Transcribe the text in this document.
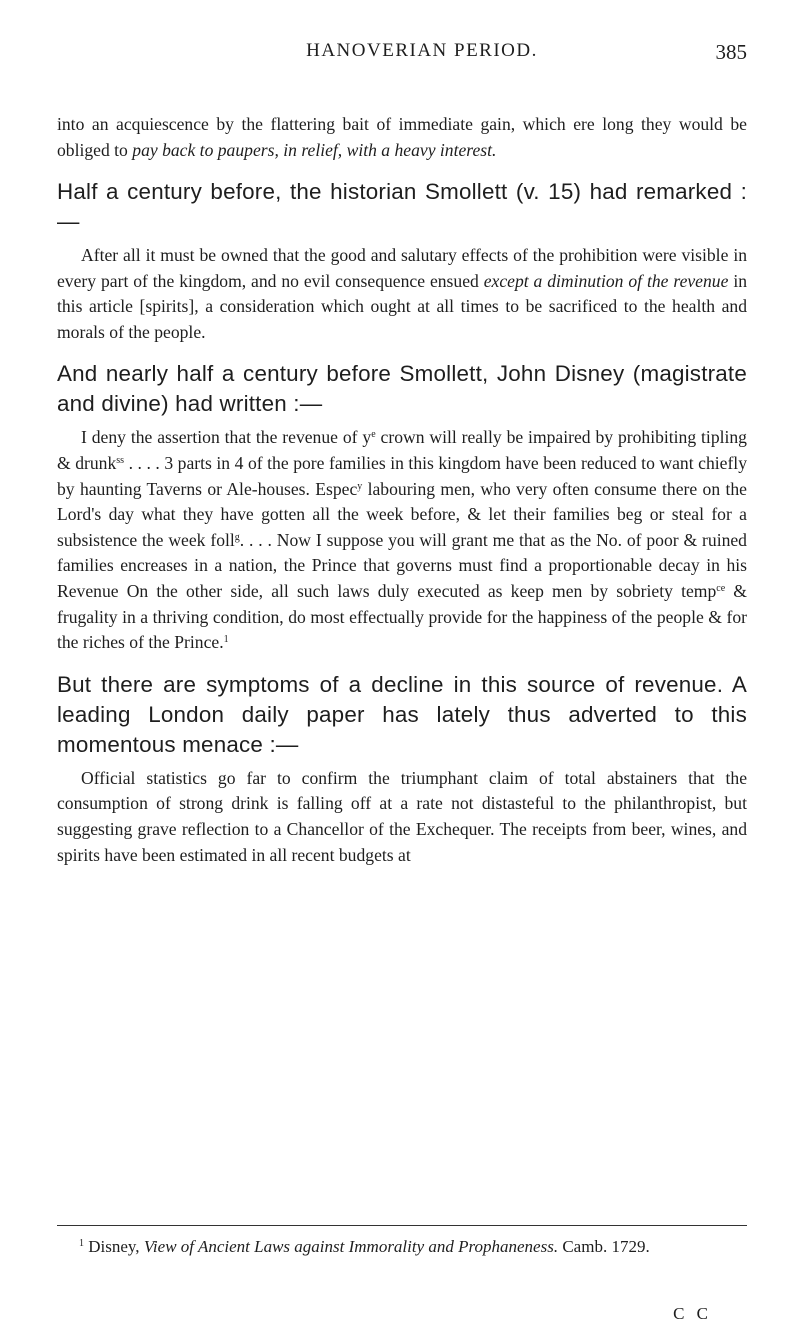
HANOVERIAN PERIOD.	385

into an acquiescence by the flattering bait of immediate gain, which ere long they would be obliged to pay back to paupers, in relief, with a heavy interest.

Half a century before, the historian Smollett (v. 15) had remarked :—

After all it must be owned that the good and salutary effects of the prohibition were visible in every part of the kingdom, and no evil consequence ensued except a diminution of the revenue in this article [spirits], a consideration which ought at all times to be sacrificed to the health and morals of the people.

And nearly half a century before Smollett, John Disney (magistrate and divine) had written :—

I deny the assertion that the revenue of $y^e$ crown will really be impaired by prohibiting tipling & drunk$^{ss}$ . . . . 3 parts in 4 of the pore families in this kingdom have been reduced to want chiefly by haunting Taverns or Ale-houses. Espec$^y$ labouring men, who very often consume there on the Lord's day what they have gotten all the week before, & let their families beg or steal for a subsistence the week foll$^g$. . . . Now I suppose you will grant me that as the No. of poor & ruined families encreases in a nation, the Prince that governs must find a proportionable decay in his Revenue On the other side, all such laws duly executed as keep men by sobriety temp$^{ce}$ & frugality in a thriving condition, do most effectually provide for the happiness of the people & for the riches of the Prince.$^1$

But there are symptoms of a decline in this source of revenue. A leading London daily paper has lately thus adverted to this momentous menace :—

Official statistics go far to confirm the triumphant claim of total abstainers that the consumption of strong drink is falling off at a rate not distasteful to the philanthropist, but suggesting grave reflection to a Chancellor of the Exchequer. The receipts from beer, wines, and spirits have been estimated in all recent budgets at

$^1$ Disney, View of Ancient Laws against Immorality and Prophaneness. Camb. 1729.

C C
